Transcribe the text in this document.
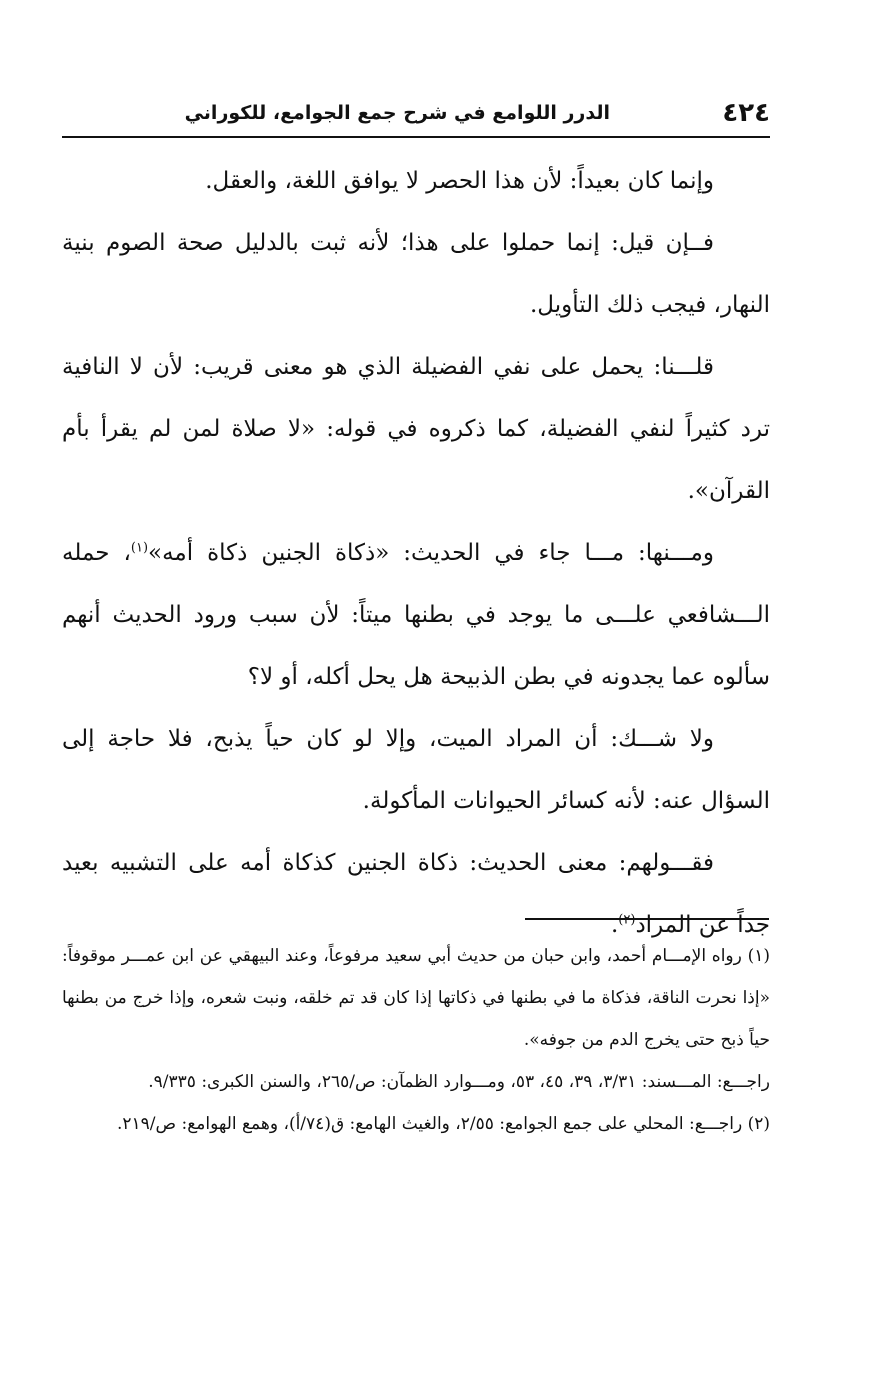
٤٢٤
الدرر اللوامع في شرح جمع الجوامع، للكوراني

وإنما كان بعيداً: لأن هذا الحصر لا يوافق اللغة، والعقل.

فــإن قيل: إنما حملوا على هذا؛ لأنه ثبت بالدليل صحة الصوم بنية النهار، فيجب ذلك التأويل.

قلـــنا: يحمل على نفي الفضيلة الذي هو معنى قريب: لأن لا النافية ترد كثيراً لنفي الفضيلة، كما ذكروه في قوله: «لا صلاة لمن لم يقرأ بأم القرآن».

ومـــنها: مـــا جاء في الحديث: «ذكاة الجنين ذكاة أمه»$^{(١)}$، حمله الـــشافعي علـــى ما يوجد في بطنها ميتاً: لأن سبب ورود الحديث أنهم سألوه عما يجدونه في بطن الذبيحة هل يحل أكله، أو لا؟

ولا شـــك: أن المراد الميت، وإلا لو كان حياً يذبح، فلا حاجة إلى السؤال عنه: لأنه كسائر الحيوانات المأكولة.

فقـــولهم: معنى الحديث: ذكاة الجنين كذكاة أمه على التشبيه بعيد جداً عن المراد$^{(٢)}$.

(١) رواه الإمـــام أحمد، وابن حبان من حديث أبي سعيد مرفوعاً، وعند البيهقي عن ابن عمـــر موقوفاً: «إذا نحرت الناقة، فذكاة ما في بطنها في ذكاتها إذا كان قد تم خلقه، ونبت شعره، وإذا خرج من بطنها حياً ذبح حتى يخرج الدم من جوفه».

راجـــع: المـــسند: ٣/٣١، ٣٩، ٤٥، ٥٣، ومـــوارد الظمآن: ص/٢٦٥، والسنن الكبرى: ٩/٣٣٥.

(٢) راجـــع: المحلي على جمع الجوامع: ٢/٥٥، والغيث الهامع: ق(٧٤/أ)، وهمع الهوامع: ص/٢١٩.
